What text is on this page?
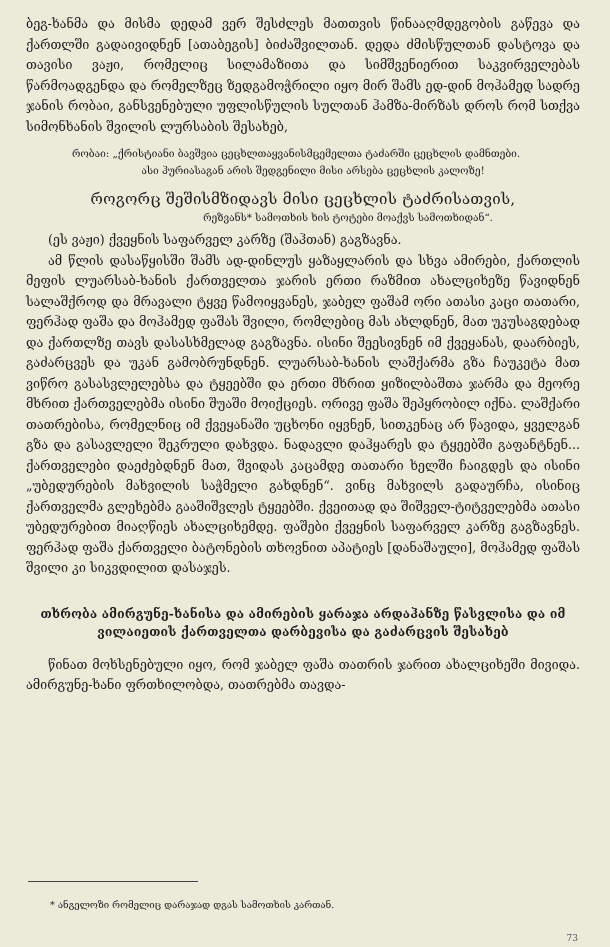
ბეგ-ხანმა და მისმა დედამ ვერ შესძლეს მათთვის წინააღმდეგობის გაწევა და ქართლში გადაივიდნენ [ათაბეგის] ბიძაშვილთან. დედა ძმისწულთან დასტოვა და თავისი ვაჟი, რომელიც სილამაზითა და სიმშვენიერით საკვირველებას წარმოადგენდა და რომელზეც ზედგამოჭრილი იყო მირ შამს ედ-დინ მოჰამედ სადრე ჯანის რობაი, განსვენებული უფლისწულის სულთან ჰამზა-მირზას დროს რომ სთქვა სიმონხანის შვილის ლურსაბის შესახებ,

რობაი: „ქრისტიანი ბავშვია ცეცხლთაყვანისმცემელთა ტაძარში ცეცხლის დამნთები.

ასი ჰურიასაგან არის შედგენილი მისი არსება ცეცხლის კალოზე!

როგორც შეშისმზიდავს მისი ცეცხლის ტაძრისათვის,

რეზვანს* სამოთხის ხის ტოტები მოაქვს სამოთხიდან“.

(ეს ვაჟი) ქვეყნის საფარველ კარზე (შაჰთან) გაგზავნა.

ამ წლის დასაწყისში შამს ად-დინლუს ყაზაყლარის და სხვა ამირები, ქართლის მეფის ლუარსაბ-ხანის ქართველთა ჯარის ერთი რაზმით ახალციხეზე წავიდნენ სალაშქროდ და მრავალი ტყვე წამოიყვანეს, ჯაბელ ფაშამ ორი ათასი კაცი თათარი, ფერჰად ფაშა და მოჰამედ ფაშას შვილი, რომლებიც მას ახლდნენ, მათ უკუსაგდებად და ქართლზე თავს დასასხმელად გაგზავნა. ისინი შეესივნენ იმ ქვეყანას, დაარბიეს, გაძარცვეს და უკან გამობრუნდნენ. ლუარსაბ-ხანის ლაშქარმა გზა ჩაუკეტა მათ ვიწრო გასასვლელებსა და ტყეებში და ერთი მხრით ყიზილბაშთა ჯარმა და მეორე მხრით ქართველებმა ისინი შუაში მოიქციეს. ორივე ფაშა შეპყრობილ იქნა. ლაშქარი თათრებისა, რომელნიც იმ ქვეყანაში უცხონი იყვნენ, სითკენაც არ წავიდა, ყველგან გზა და გასავლელი შეკრული დახვდა. ნადავლი დაჰყარეს და ტყეებში გაფანტნენ... ქართველები დაეძებდნენ მათ, შვიდას კაცამდე თათარი ხელში ჩაიგდეს და ისინი „უბედურების მახვილის საჭმელი გახდნენ“. ვინც მახვილს გადაურჩა, ისინიც ქართველმა გლეხებმა გააშიშვლეს ტყეებში. ქვეითად და შიშველ-ტიტველებმა ათასი უბედურებით მიაღწიეს ახალციხემდე. ფაშები ქვეყნის საფარველ კარზე გაგზავნეს. ფერჰად ფაშა ქართველი ბატონების თხოვნით აპატიეს [დანაშაული], მოჰამედ ფაშას შვილი კი სიკვდილით დასაჯეს.

თხრობა ამირგუნე-ხანისა და ამირების ყარაჯა არდაჰანზე წასვლისა და იმ ვილაიეთის ქართველთა დარბევისა და გაძარცვის შესახებ

წინათ მოხსენებული იყო, რომ ჯაბელ ფაშა თათრის ჯარით ახალციხეში მივიდა. ამირგუნე-ხანი ფრთხილობდა, თათრებმა თავდა-

* ანგელოზი რომელიც დარაჯად დგას სამოთხის კართან.

73
